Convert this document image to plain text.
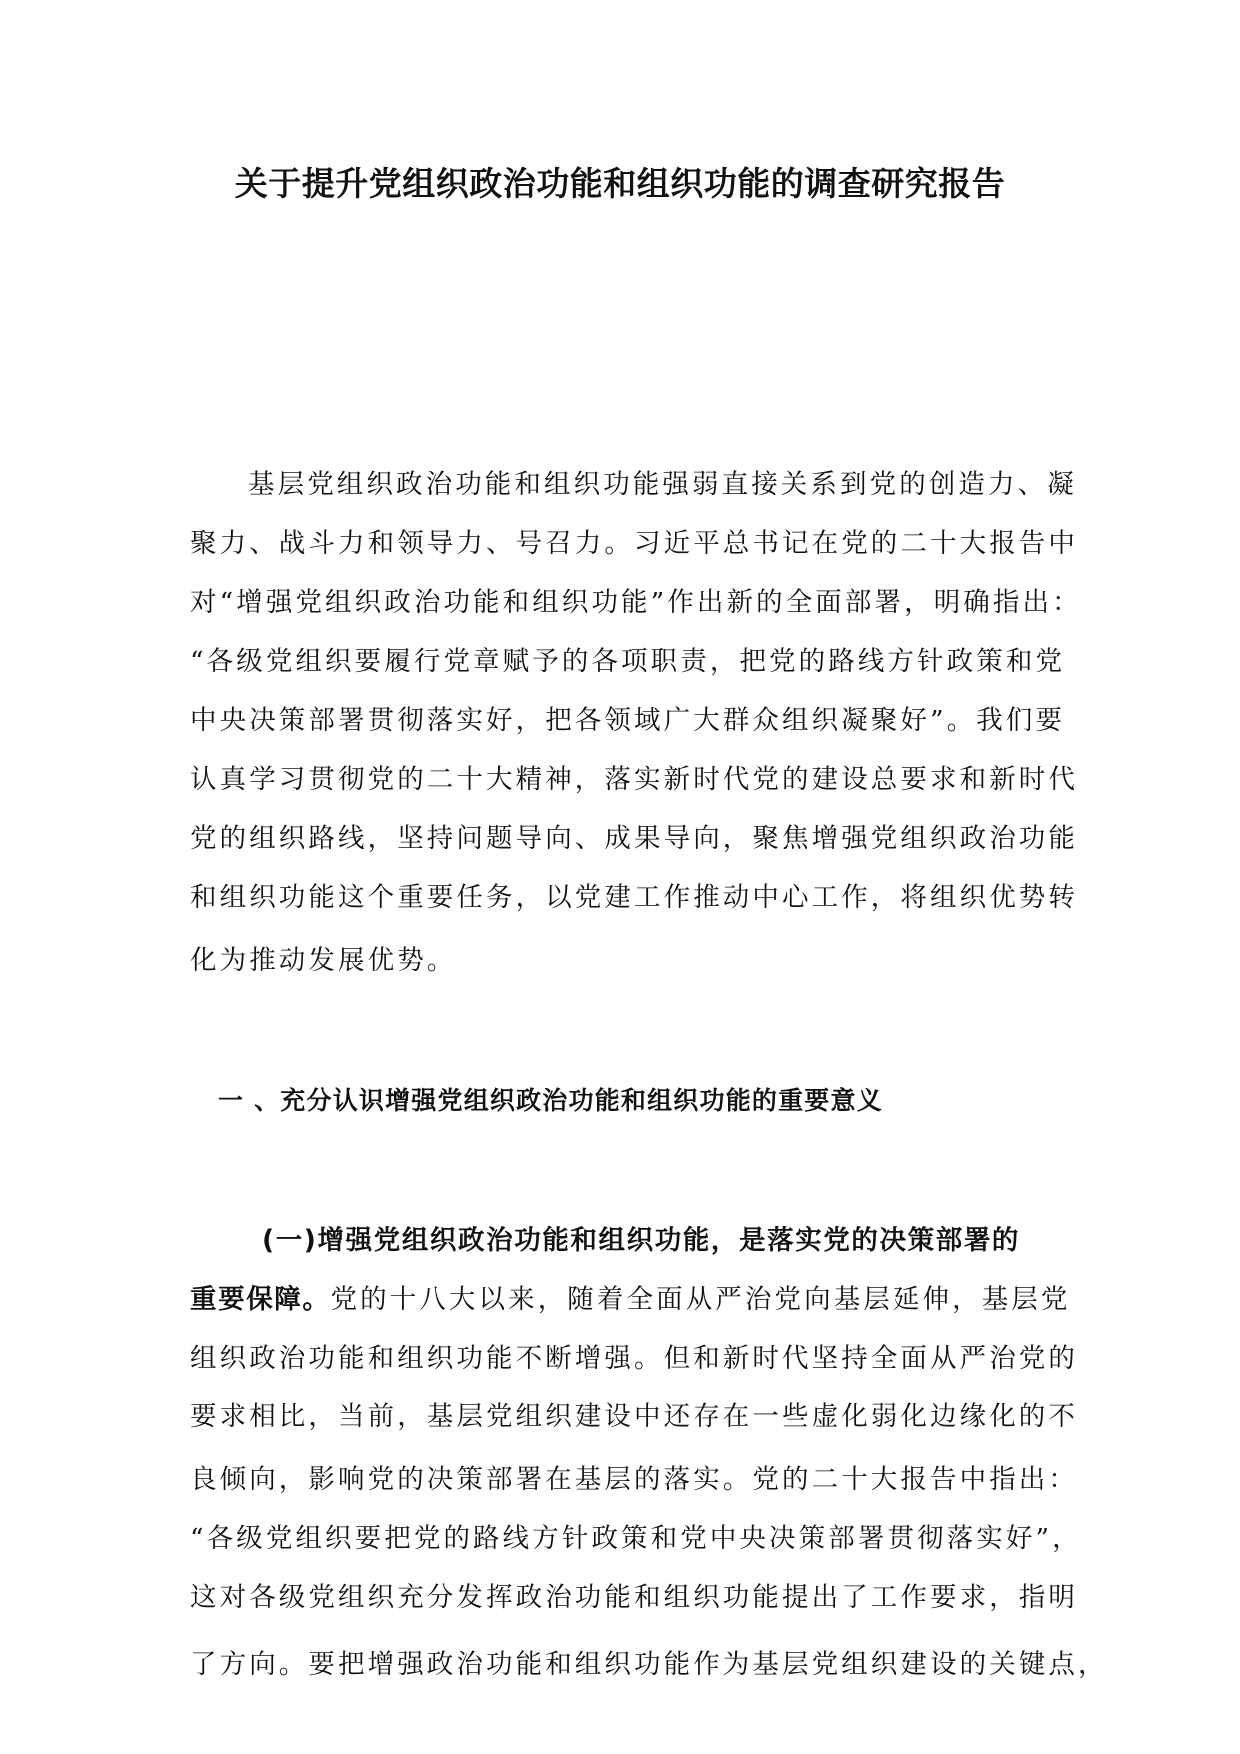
关于提升党组织政治功能和组织功能的调查研究报告

基层党组织政治功能和组织功能强弱直接关系到党的创造力、凝

聚力、战斗力和领导力、号召力。习近平总书记在党的二十大报告中

对“增强党组织政治功能和组织功能”作出新的全面部署，明确指出：

“各级党组织要履行党章赋予的各项职责，把党的路线方针政策和党

中央决策部署贯彻落实好，把各领域广大群众组织凝聚好”。我们要

认真学习贯彻党的二十大精神，落实新时代党的建设总要求和新时代

党的组织路线，坚持问题导向、成果导向，聚焦增强党组织政治功能

和组织功能这个重要任务，以党建工作推动中心工作，将组织优势转

化为推动发展优势。

一 、充分认识增强党组织政治功能和组织功能的重要意义

(一)增强党组织政治功能和组织功能，是落实党的决策部署的

重要保障。党的十八大以来，随着全面从严治党向基层延伸，基层党

组织政治功能和组织功能不断增强。但和新时代坚持全面从严治党的

要求相比，当前，基层党组织建设中还存在一些虚化弱化边缘化的不

良倾向，影响党的决策部署在基层的落实。党的二十大报告中指出：

“各级党组织要把党的路线方针政策和党中央决策部署贯彻落实好”，

这对各级党组织充分发挥政治功能和组织功能提出了工作要求，指明

了方向。要把增强政治功能和组织功能作为基层党组织建设的关键点，
